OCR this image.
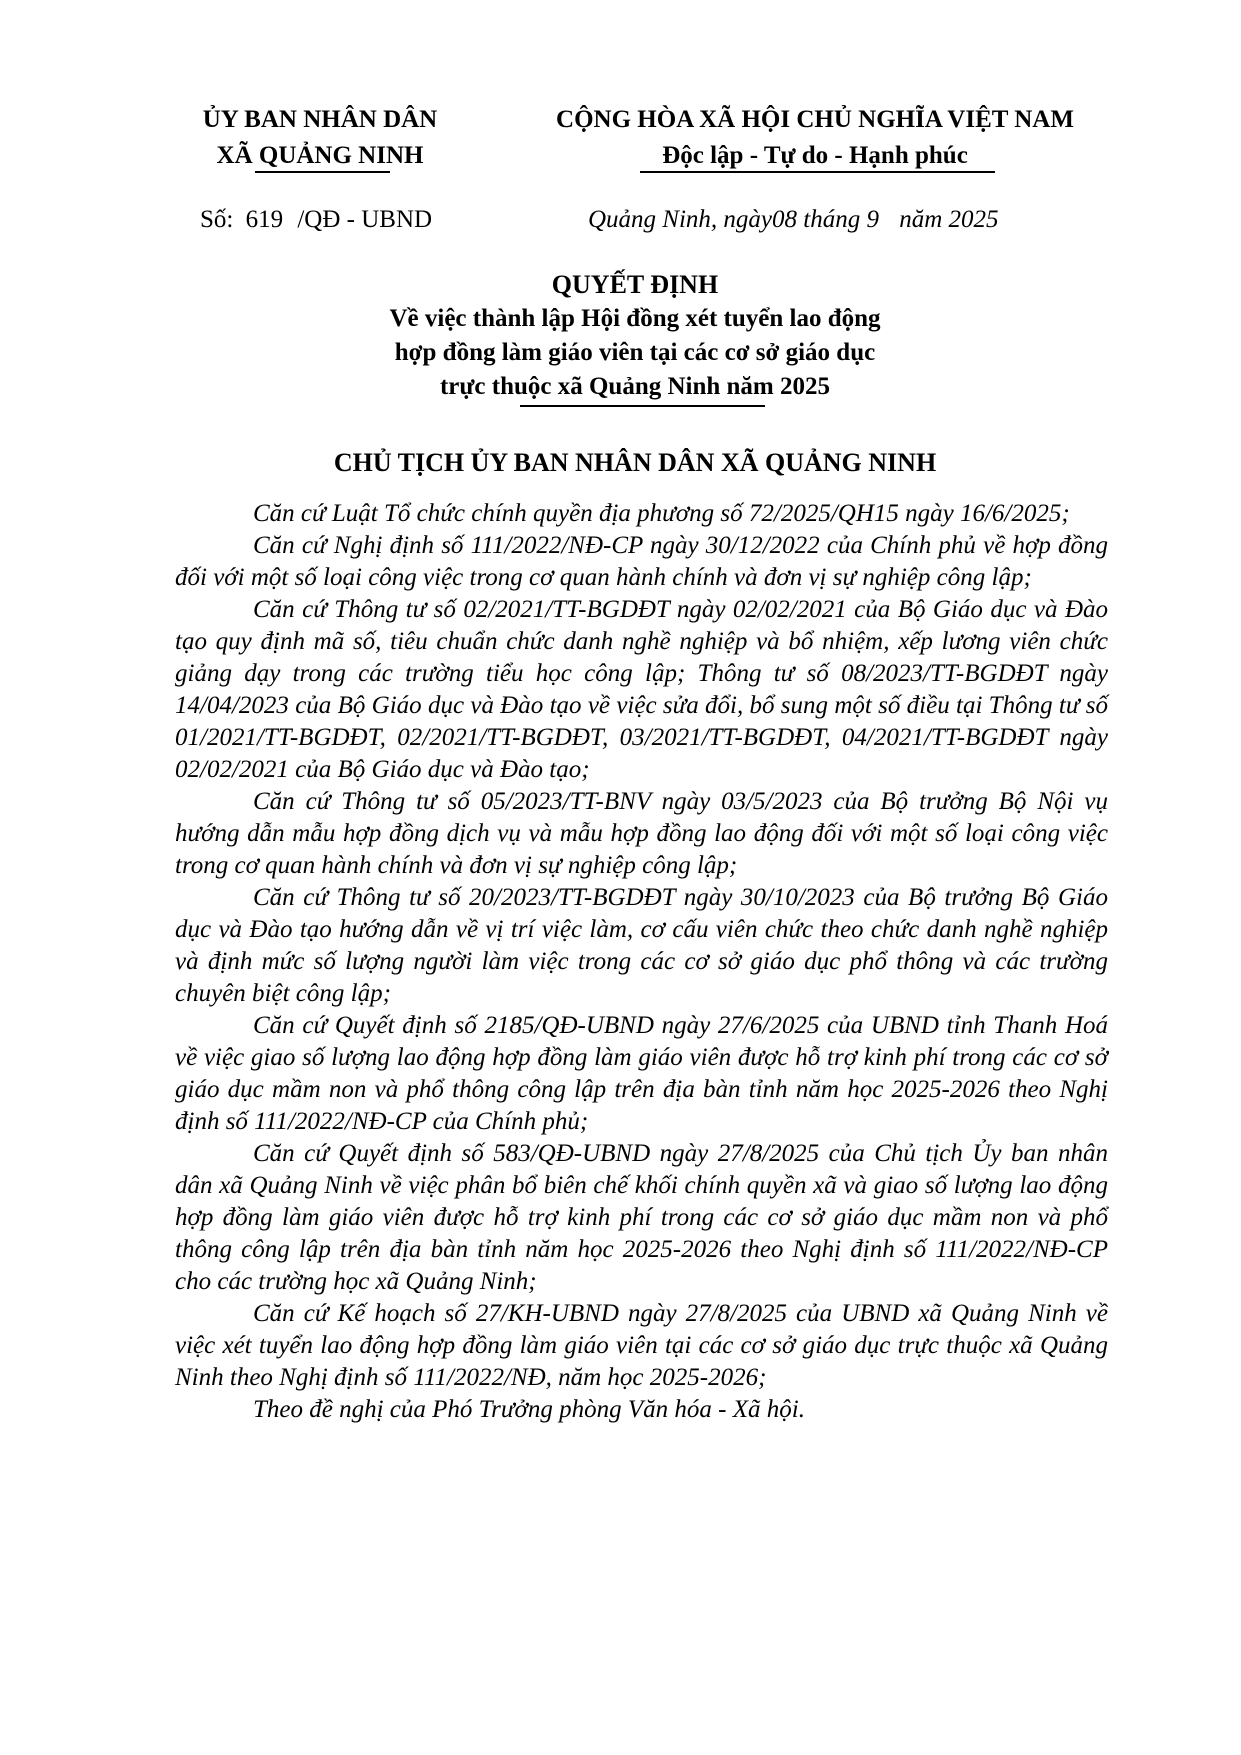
ỦY BAN NHÂN DÂN
XÃ QUẢNG NINH
CỘNG HÒA XÃ HỘI CHỦ NGHĨA VIỆT NAM
Độc lập - Tự do - Hạnh phúc
Số: 619 /QĐ - UBND	Quảng Ninh, ngày08 tháng 9 năm 2025
QUYẾT ĐỊNH
Về việc thành lập Hội đồng xét tuyển lao động
hợp đồng làm giáo viên tại các cơ sở giáo dục
trực thuộc xã Quảng Ninh năm 2025
CHỦ TỊCH ỦY BAN NHÂN DÂN XÃ QUẢNG NINH

Căn cứ Luật Tổ chức chính quyền địa phương số 72/2025/QH15 ngày 16/6/2025;

Căn cứ Nghị định số 111/2022/NĐ-CP ngày 30/12/2022 của Chính phủ về hợp đồng đối với một số loại công việc trong cơ quan hành chính và đơn vị sự nghiệp công lập;

Căn cứ Thông tư số 02/2021/TT-BGDĐT ngày 02/02/2021 của Bộ Giáo dục và Đào tạo quy định mã số, tiêu chuẩn chức danh nghề nghiệp và bổ nhiệm, xếp lương viên chức giảng dạy trong các trường tiểu học công lập; Thông tư số 08/2023/TT-BGDĐT ngày 14/04/2023 của Bộ Giáo dục và Đào tạo về việc sửa đổi, bổ sung một số điều tại Thông tư số 01/2021/TT-BGDĐT, 02/2021/TT-BGDĐT, 03/2021/TT-BGDĐT, 04/2021/TT-BGDĐT ngày 02/02/2021 của Bộ Giáo dục và Đào tạo;

Căn cứ Thông tư số 05/2023/TT-BNV ngày 03/5/2023 của Bộ trưởng Bộ Nội vụ hướng dẫn mẫu hợp đồng dịch vụ và mẫu hợp đồng lao động đối với một số loại công việc trong cơ quan hành chính và đơn vị sự nghiệp công lập;

Căn cứ Thông tư số 20/2023/TT-BGDĐT ngày 30/10/2023 của Bộ trưởng Bộ Giáo dục và Đào tạo hướng dẫn về vị trí việc làm, cơ cấu viên chức theo chức danh nghề nghiệp và định mức số lượng người làm việc trong các cơ sở giáo dục phổ thông và các trường chuyên biệt công lập;

Căn cứ Quyết định số 2185/QĐ-UBND ngày 27/6/2025 của UBND tỉnh Thanh Hoá về việc giao số lượng lao động hợp đồng làm giáo viên được hỗ trợ kinh phí trong các cơ sở giáo dục mầm non và phổ thông công lập trên địa bàn tỉnh năm học 2025-2026 theo Nghị định số 111/2022/NĐ-CP của Chính phủ;

Căn cứ Quyết định số 583/QĐ-UBND ngày 27/8/2025 của Chủ tịch Ủy ban nhân dân xã Quảng Ninh về việc phân bổ biên chế khối chính quyền xã và giao số lượng lao động hợp đồng làm giáo viên được hỗ trợ kinh phí trong các cơ sở giáo dục mầm non và phổ thông công lập trên địa bàn tỉnh năm học 2025-2026 theo Nghị định số 111/2022/NĐ-CP cho các trường học xã Quảng Ninh;

Căn cứ Kế hoạch số 27/KH-UBND ngày 27/8/2025 của UBND xã Quảng Ninh về việc xét tuyển lao động hợp đồng làm giáo viên tại các cơ sở giáo dục trực thuộc xã Quảng Ninh theo Nghị định số 111/2022/NĐ, năm học 2025-2026;

Theo đề nghị của Phó Trưởng phòng Văn hóa - Xã hội.
